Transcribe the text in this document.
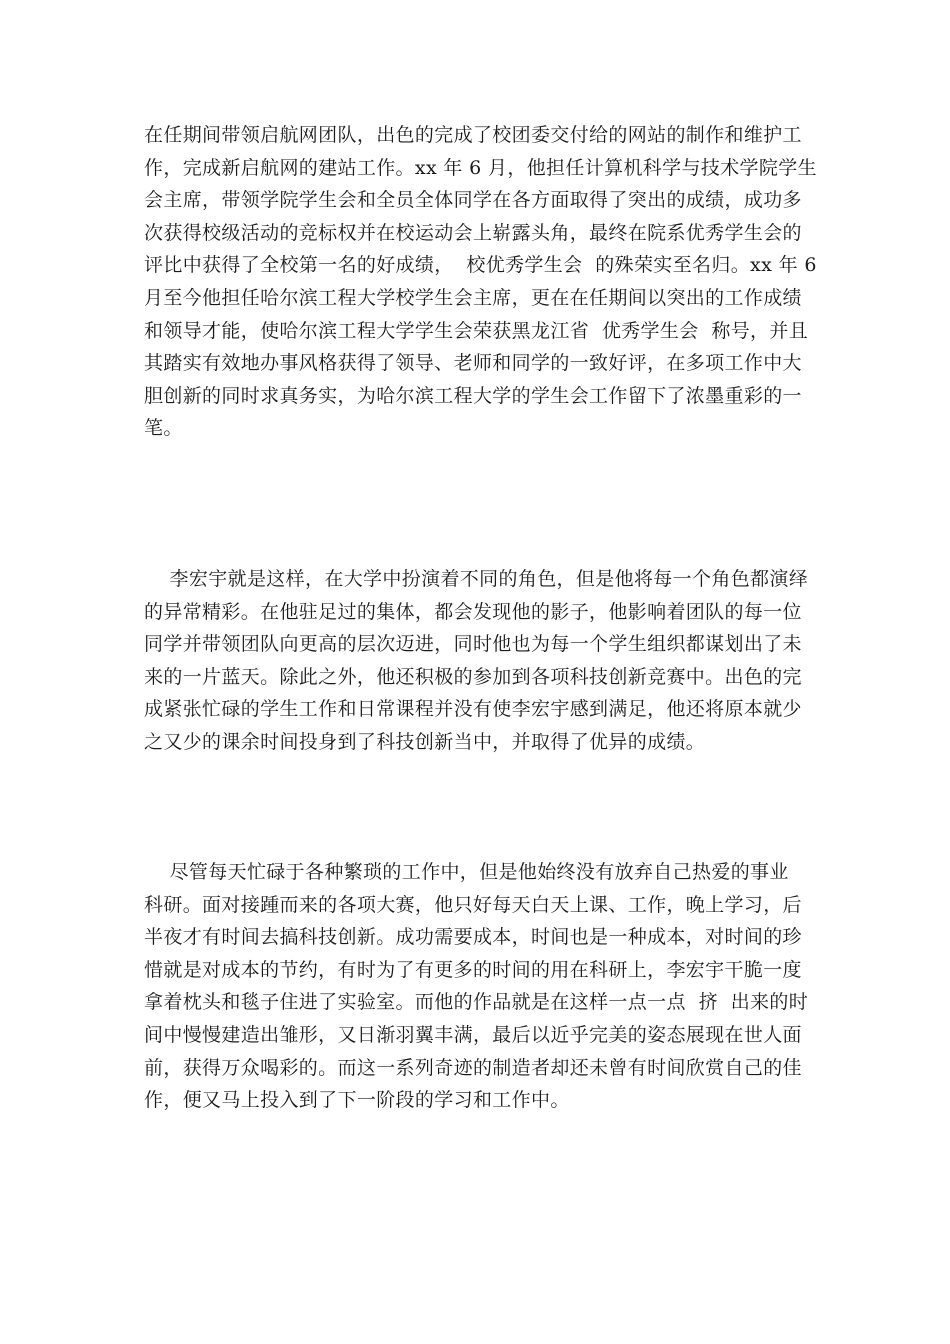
在任期间带领启航网团队，出色的完成了校团委交付给的网站的制作和维护工
作，完成新启航网的建站工作。xx 年 6 月，他担任计算机科学与技术学院学生
会主席，带领学院学生会和全员全体同学在各方面取得了突出的成绩，成功多
次获得校级活动的竞标权并在校运动会上崭露头角，最终在院系优秀学生会的
评比中获得了全校第一名的好成绩，  校优秀学生会  的殊荣实至名归。xx 年 6
月至今他担任哈尔滨工程大学校学生会主席，更在在任期间以突出的工作成绩
和领导才能，使哈尔滨工程大学学生会荣获黑龙江省  优秀学生会  称号，并且
其踏实有效地办事风格获得了领导、老师和同学的一致好评，在多项工作中大
胆创新的同时求真务实，为哈尔滨工程大学的学生会工作留下了浓墨重彩的一
笔。

李宏宇就是这样，在大学中扮演着不同的角色，但是他将每一个角色都演绎
的异常精彩。在他驻足过的集体，都会发现他的影子，他影响着团队的每一位
同学并带领团队向更高的层次迈进，同时他也为每一个学生组织都谋划出了未
来的一片蓝天。除此之外，他还积极的参加到各项科技创新竞赛中。出色的完
成紧张忙碌的学生工作和日常课程并没有使李宏宇感到满足，他还将原本就少
之又少的课余时间投身到了科技创新当中，并取得了优异的成绩。

尽管每天忙碌于各种繁琐的工作中，但是他始终没有放弃自己热爱的事业
科研。面对接踵而来的各项大赛，他只好每天白天上课、工作，晚上学习，后
半夜才有时间去搞科技创新。成功需要成本，时间也是一种成本，对时间的珍
惜就是对成本的节约，有时为了有更多的时间的用在科研上，李宏宇干脆一度
拿着枕头和毯子住进了实验室。而他的作品就是在这样一点一点  挤  出来的时
间中慢慢建造出雏形，又日渐羽翼丰满，最后以近乎完美的姿态展现在世人面
前，获得万众喝彩的。而这一系列奇迹的制造者却还未曾有时间欣赏自己的佳
作，便又马上投入到了下一阶段的学习和工作中。
